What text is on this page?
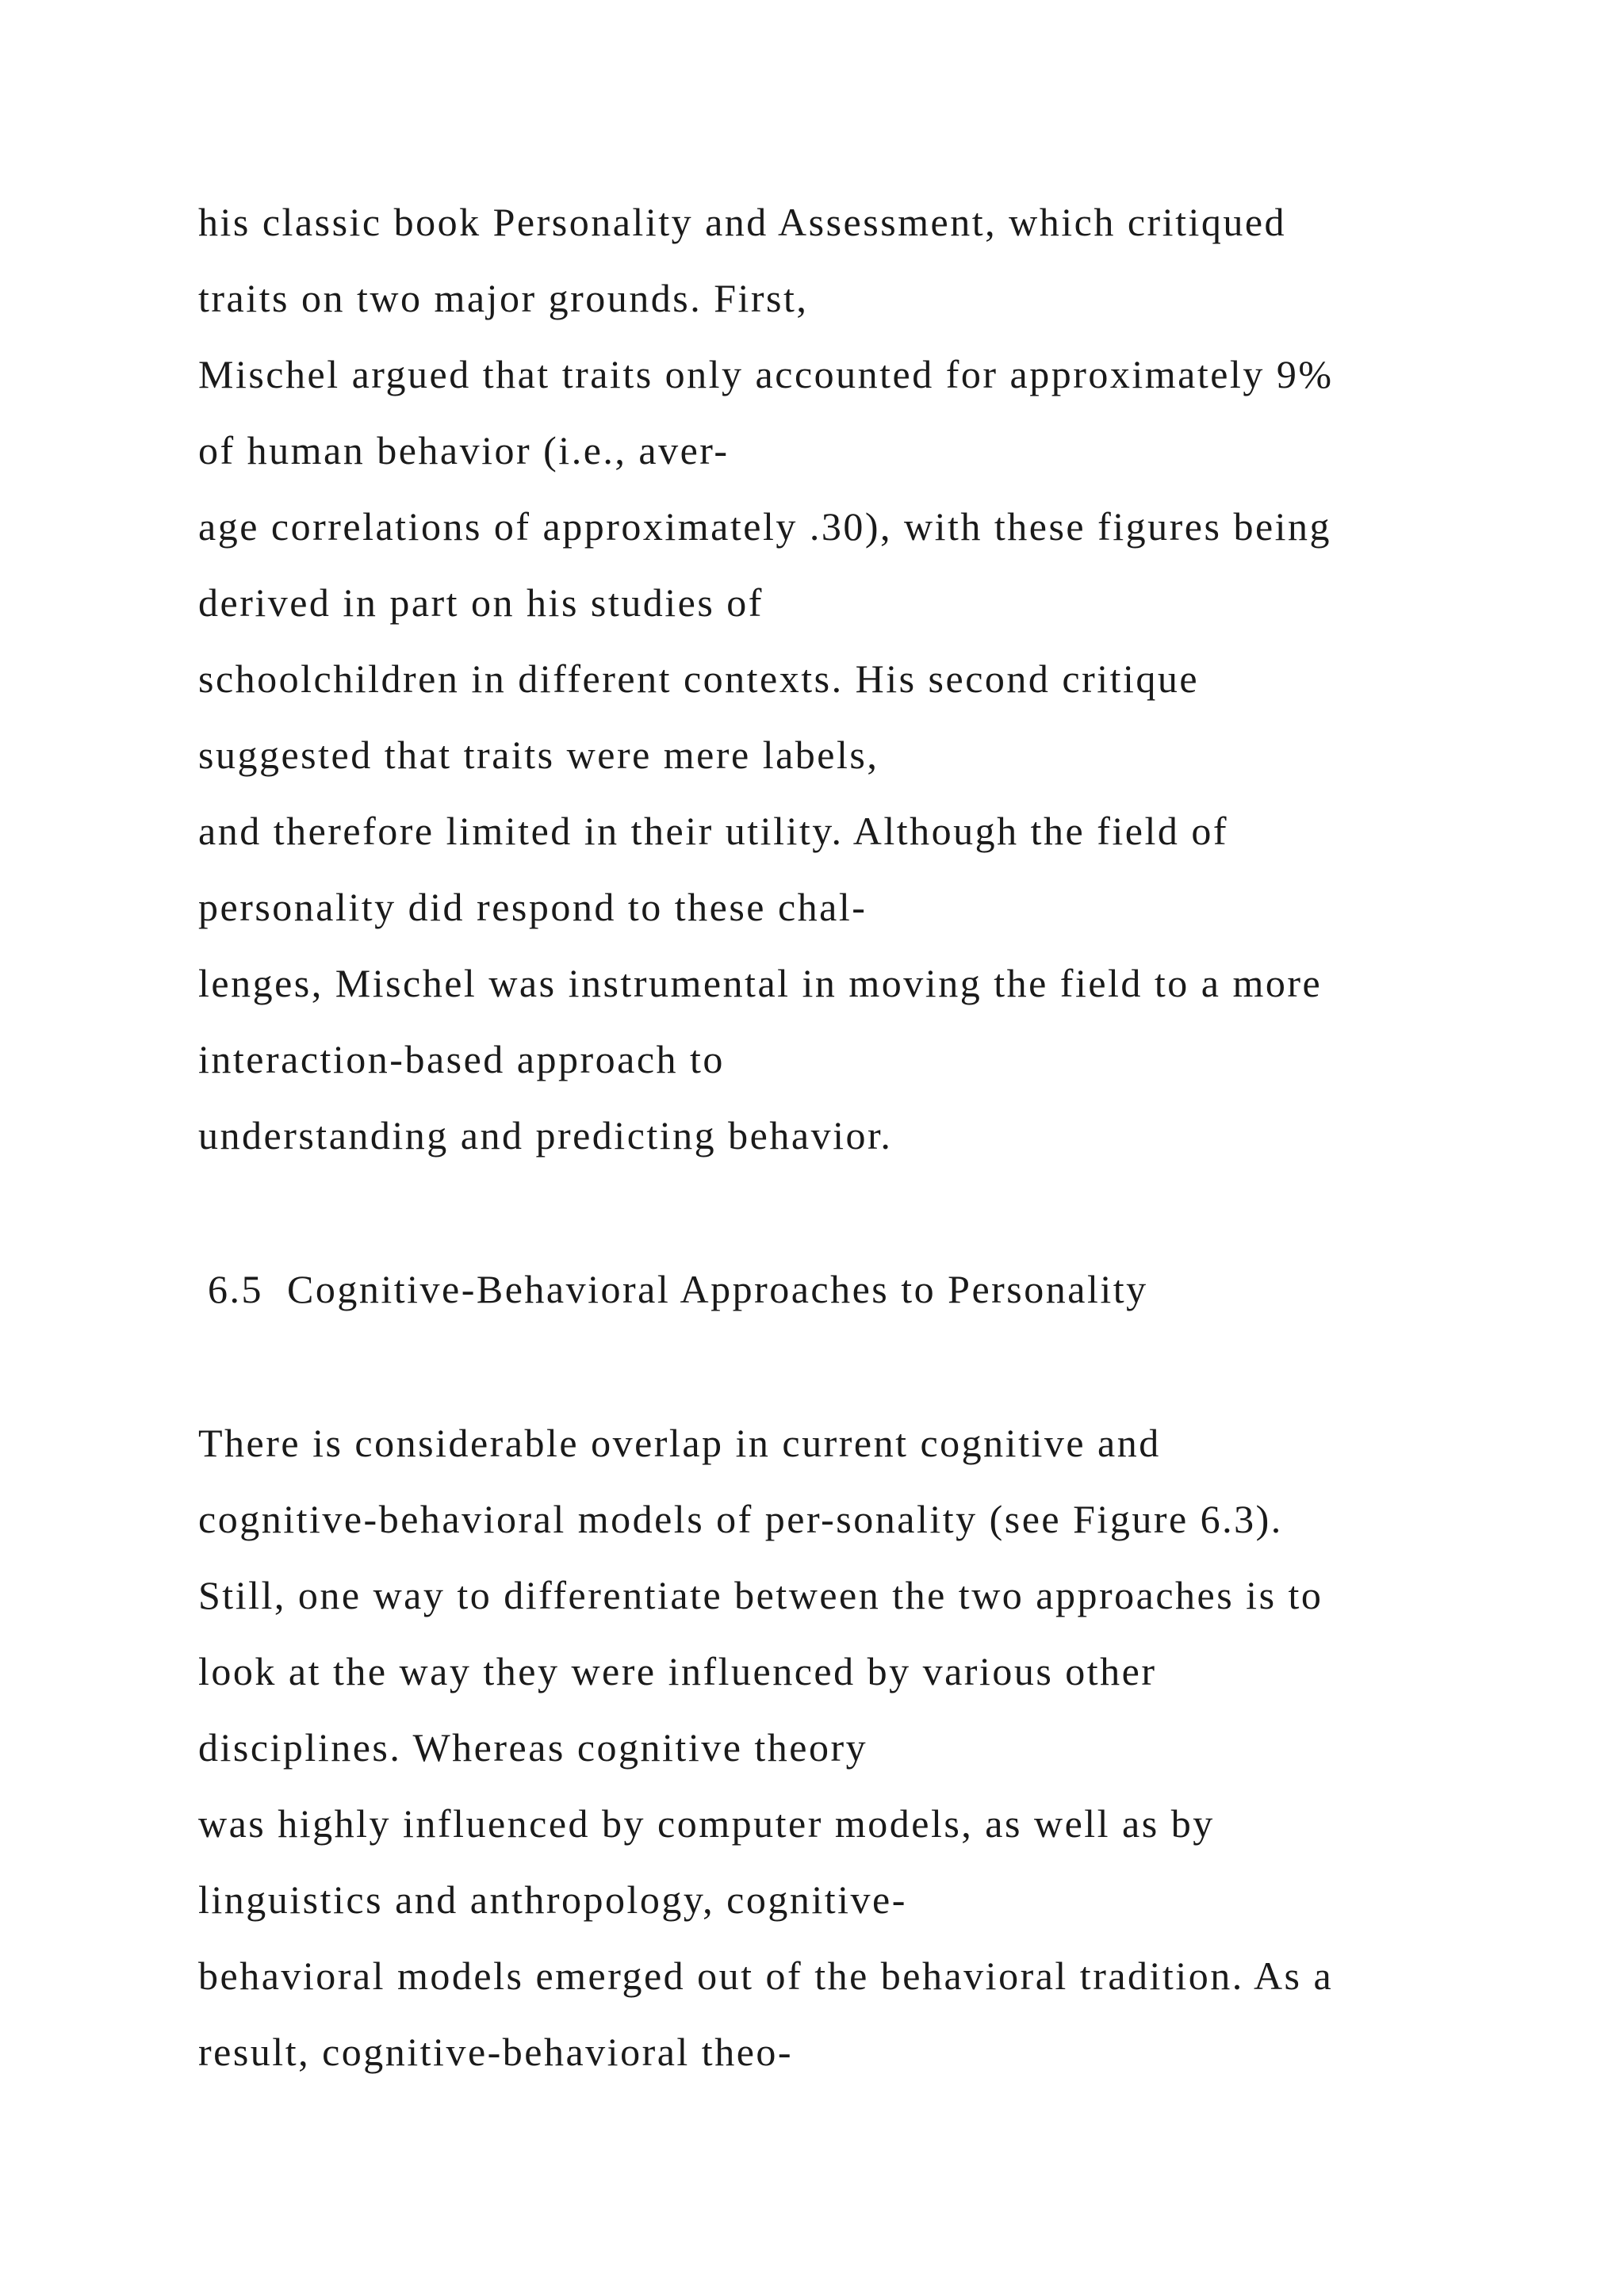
his classic book Personality and Assessment, which critiqued

traits on two major grounds. First,

Mischel argued that traits only accounted for approximately 9%

of human behavior (i.e., aver-

age correlations of approximately .30), with these figures being

derived in part on his studies of

schoolchildren in different contexts. His second critique

suggested that traits were mere labels,

and therefore limited in their utility. Although the field of

personality did respond to these chal-

lenges, Mischel was instrumental in moving the field to a more

interaction-based approach to

understanding and predicting behavior.

6.5 Cognitive-Behavioral Approaches to Personality

There is considerable overlap in current cognitive and

cognitive-behavioral models of per-sonality (see Figure 6.3).

Still, one way to differentiate between the two approaches is to

look at the way they were influenced by various other

disciplines. Whereas cognitive theory

was highly influenced by computer models, as well as by

linguistics and anthropology, cognitive-

behavioral models emerged out of the behavioral tradition. As a

result, cognitive-behavioral theo-
